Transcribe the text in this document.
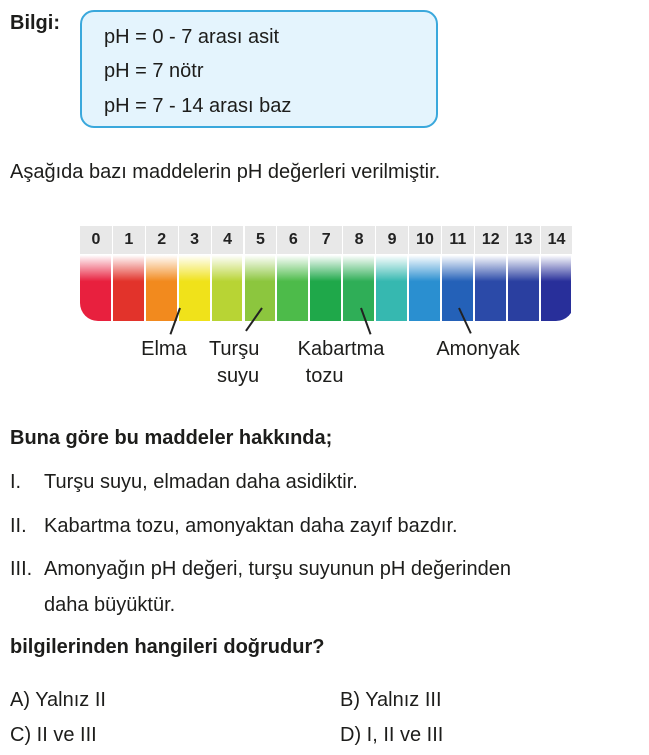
Bilgi:
pH = 0 - 7 arası asit
pH = 7 nötr
pH = 7 - 14 arası baz
Aşağıda bazı maddelerin pH değerleri verilmiştir.
0	1	2	3	4	5	6	7	8	9	10 11 12 13 14
Elma	Turşu
suyu
Kabartma
tozu
Amonyak
Buna göre bu maddeler hakkında;
I. Turşu suyu, elmadan daha asidiktir.
II. Kabartma tozu, amonyaktan daha zayıf bazdır.
III. Amonyağın pH değeri, turşu suyunun pH değerinden
daha büyüktür.
bilgilerinden hangileri doğrudur?
A) Yalnız II	B) Yalnız III
C) II ve III	D) I, II ve III
